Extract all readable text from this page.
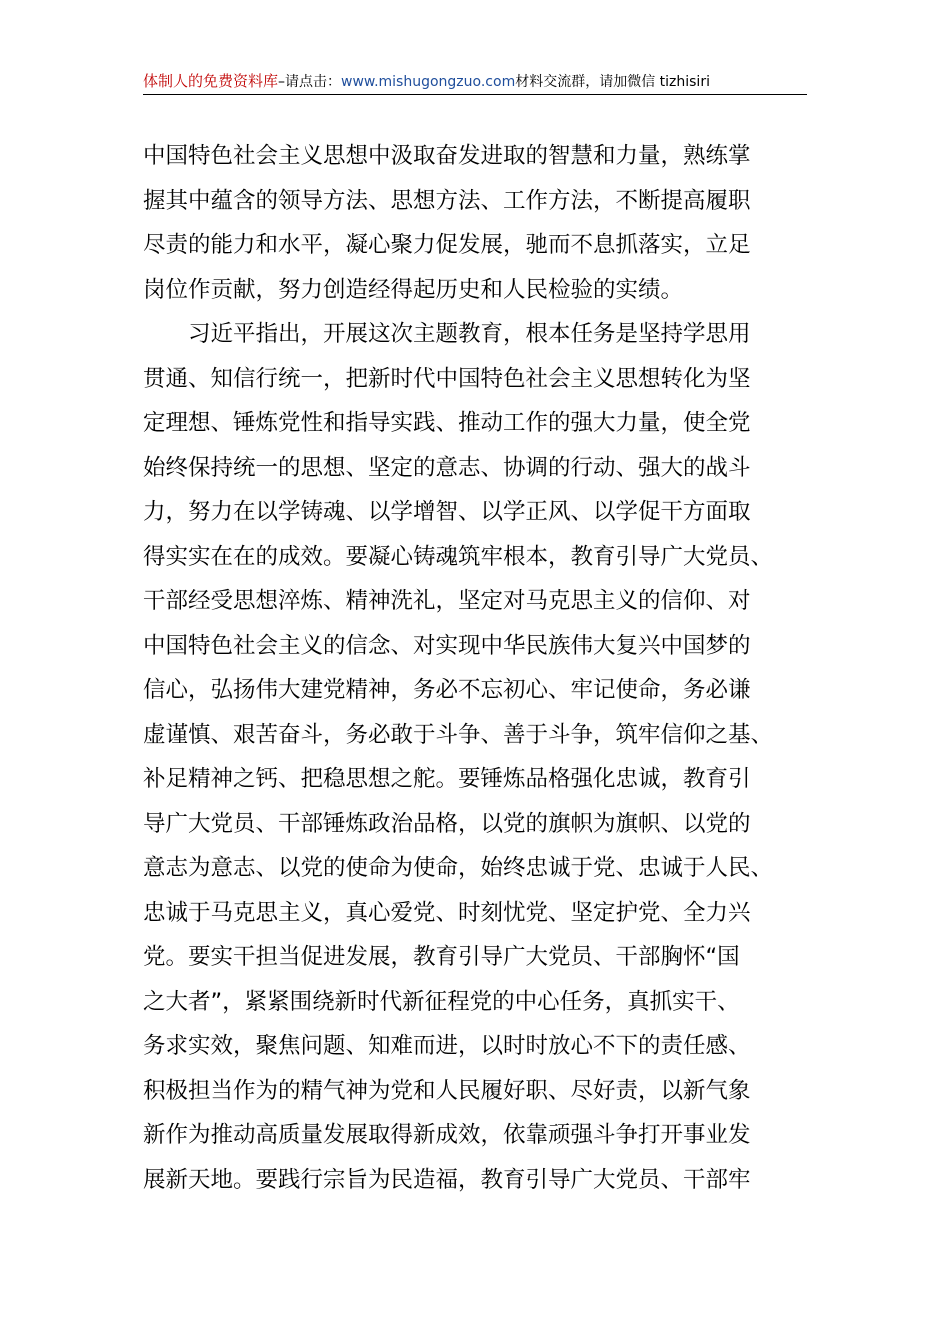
体制人的免费资料库–请点击：www.mishugongzuo.com材料交流群，请加微信 tizhisiri
中国特色社会主义思想中汲取奋发进取的智慧和力量，熟练掌
握其中蕴含的领导方法、思想方法、工作方法，不断提高履职
尽责的能力和水平，凝心聚力促发展，驰而不息抓落实，立足
岗位作贡献，努力创造经得起历史和人民检验的实绩。
习近平指出，开展这次主题教育，根本任务是坚持学思用
贯通、知信行统一，把新时代中国特色社会主义思想转化为坚
定理想、锤炼党性和指导实践、推动工作的强大力量，使全党
始终保持统一的思想、坚定的意志、协调的行动、强大的战斗
力，努力在以学铸魂、以学增智、以学正风、以学促干方面取
得实实在在的成效。要凝心铸魂筑牢根本，教育引导广大党员、
干部经受思想淬炼、精神洗礼，坚定对马克思主义的信仰、对
中国特色社会主义的信念、对实现中华民族伟大复兴中国梦的
信心，弘扬伟大建党精神，务必不忘初心、牢记使命，务必谦
虚谨慎、艰苦奋斗，务必敢于斗争、善于斗争，筑牢信仰之基、
补足精神之钙、把稳思想之舵。要锤炼品格强化忠诚，教育引
导广大党员、干部锤炼政治品格，以党的旗帜为旗帜、以党的
意志为意志、以党的使命为使命，始终忠诚于党、忠诚于人民、
忠诚于马克思主义，真心爱党、时刻忧党、坚定护党、全力兴
党。要实干担当促进发展，教育引导广大党员、干部胸怀“国
之大者”，紧紧围绕新时代新征程党的中心任务，真抓实干、
务求实效，聚焦问题、知难而进，以时时放心不下的责任感、
积极担当作为的精气神为党和人民履好职、尽好责，以新气象
新作为推动高质量发展取得新成效，依靠顽强斗争打开事业发
展新天地。要践行宗旨为民造福，教育引导广大党员、干部牢
